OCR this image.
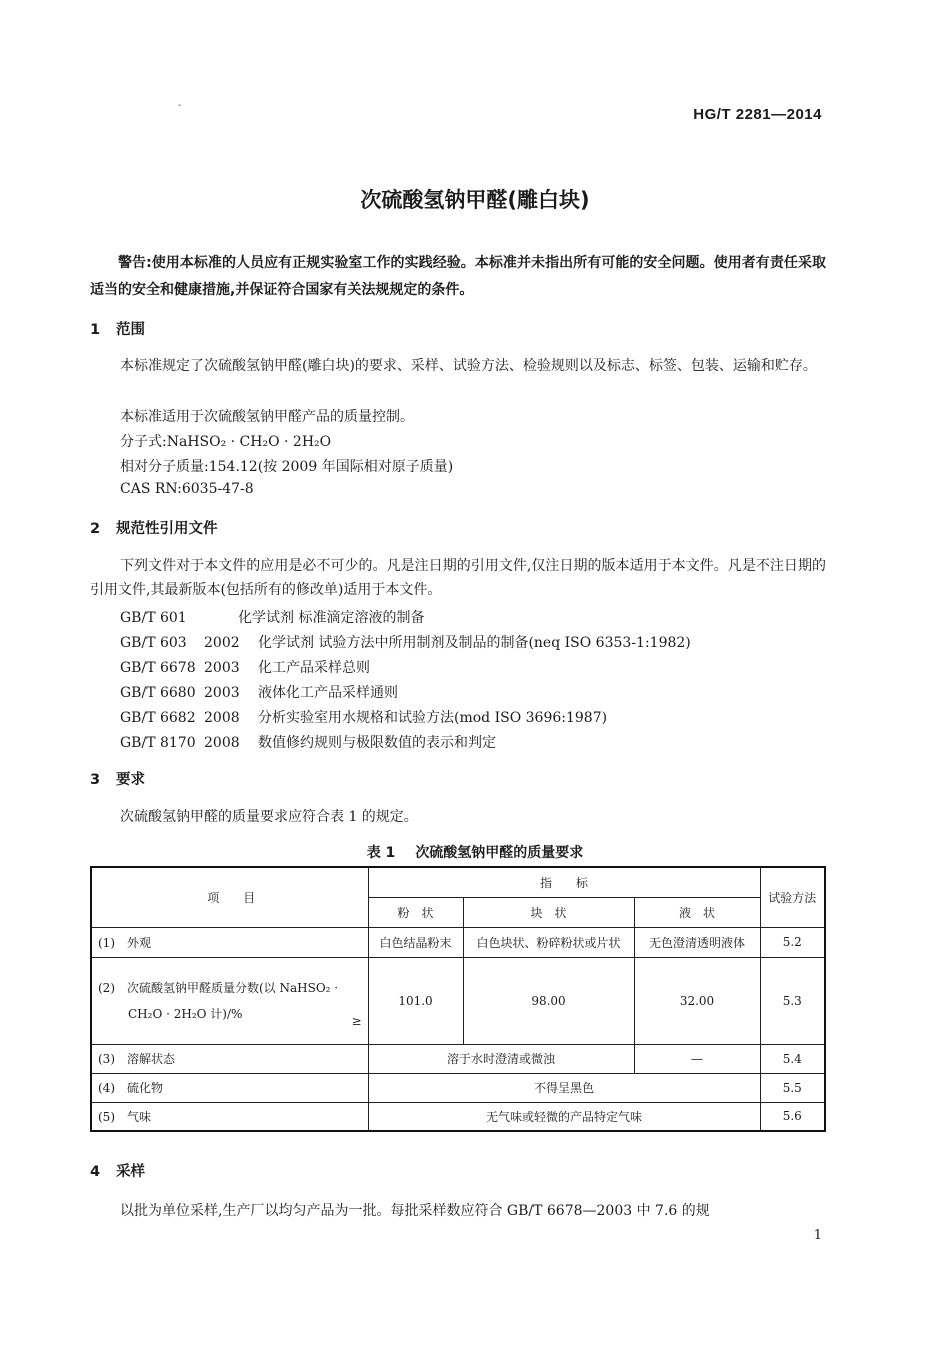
-
HG/T 2281—2014
次硫酸氢钠甲醛(雕白块)
警告:使用本标准的人员应有正规实验室工作的实践经验。本标准并未指出所有可能的安全问题。使用者有责任采取适当的安全和健康措施,并保证符合国家有关法规规定的条件。
1 范围
本标准规定了次硫酸氢钠甲醛(雕白块)的要求、采样、试验方法、检验规则以及标志、标签、包装、运输和贮存。
本标准适用于次硫酸氢钠甲醛产品的质量控制。
分子式:NaHSO₂ · CH₂O · 2H₂O
相对分子质量:154.12(按 2009 年国际相对原子质量)
CAS RN:6035-47-8
2 规范性引用文件
下列文件对于本文件的应用是必不可少的。凡是注日期的引用文件,仅注日期的版本适用于本文件。凡是不注日期的引用文件,其最新版本(包括所有的修改单)适用于本文件。
GB/T 601	化学试剂 标准滴定溶液的制备
GB/T 603 2002 化学试剂 试验方法中所用制剂及制品的制备(neq ISO 6353-1:1982)
GB/T 6678 2003 化工产品采样总则
GB/T 6680 2003 液体化工产品采样通则
GB/T 6682 2008 分析实验室用水规格和试验方法(mod ISO 3696:1987)
GB/T 8170 2008 数值修约规则与极限数值的表示和判定
3 要求
次硫酸氢钠甲醛的质量要求应符合表 1 的规定。
表 1 次硫酸氢钠甲醛的质量要求
项　　目	指　　标			试验方法
	粉　状	块　状	液　状	
(1)　外观	白色结晶粉末	白色块状、粉碎粉状或片状	无色澄清透明液体	5.2

(2)　次硫酸氢钠甲醛质量分数(以 NaHSO₂ ·
CH₂O · 2H₂O 计)/% ≥	101.0	98.00	32.00	5.3
(3)　溶解状态	溶于水时澄清或微浊		—	5.4
(4)　硫化物	不得呈黑色			5.5
(5)　气味	无气味或轻微的产品特定气味			5.6
4 采样
以批为单位采样,生产厂以均匀产品为一批。每批采样数应符合 GB/T 6678—2003 中 7.6 的规
1
